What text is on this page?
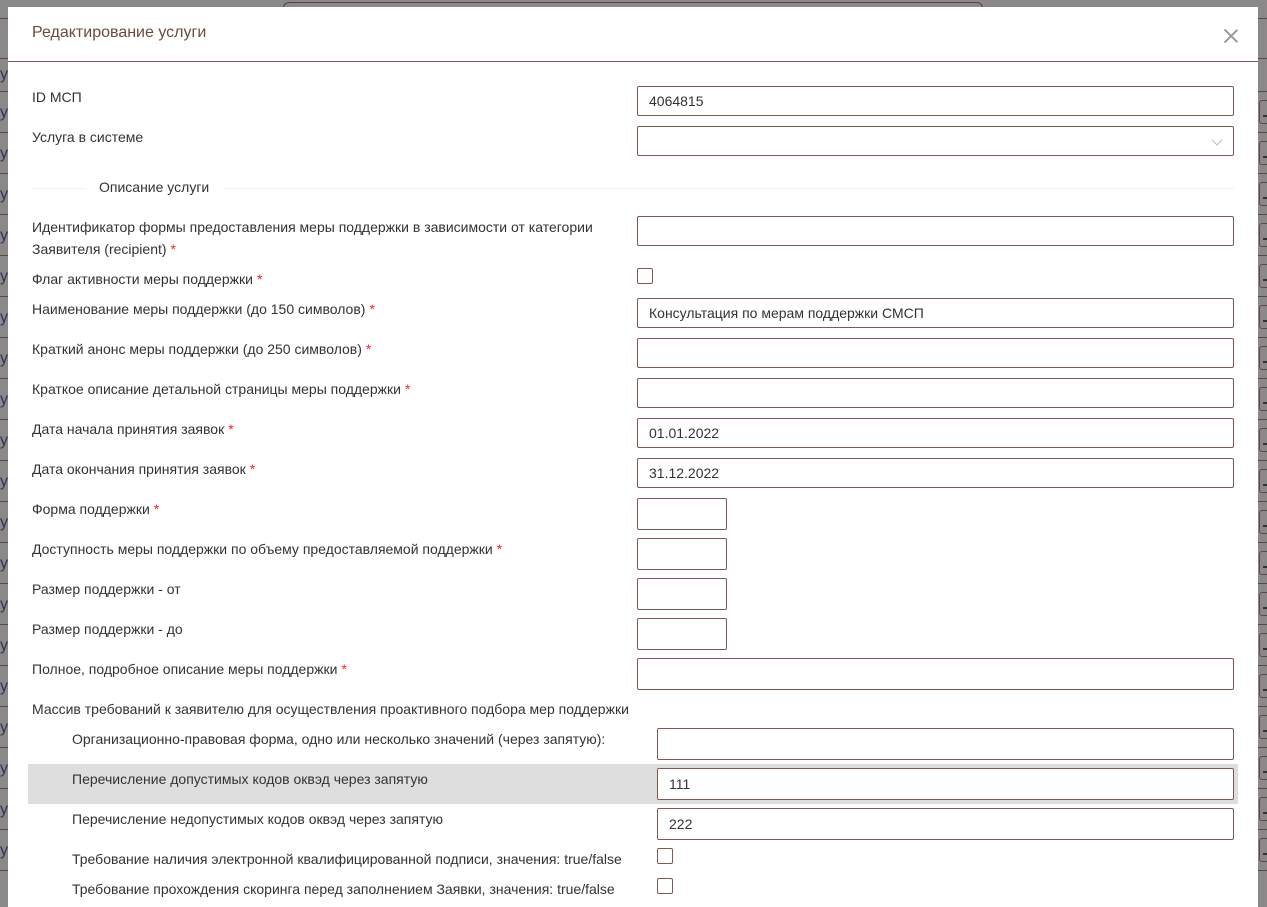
у
у
у
у
у
у
у
у
у
у
у
у
у
у
у
у
у
у
у
у
Редактирование услуги
ID МСП	4064815
Услуга в системе
Описание услуги
Идентификатор формы предоставления меры поддержки в зависимости от категории
Заявителя (recipient) *
Флаг активности меры поддержки *
Наименование меры поддержки (до 150 символов) *	Консультация по мерам поддержки СМСП
Краткий анонс меры поддержки (до 250 символов) *
Краткое описание детальной страницы меры поддержки *
Дата начала принятия заявок *	01.01.2022
Дата окончания принятия заявок *	31.12.2022
Форма поддержки *
Доступность меры поддержки по объему предоставляемой поддержки *
Размер поддержки - от
Размер поддержки - до
Полное, подробное описание меры поддержки *
Массив требований к заявителю для осуществления проактивного подбора мер поддержки
Организационно-правовая форма, одно или несколько значений (через запятую):
Перечисление допустимых кодов оквэд через запятую	111
Перечисление недопустимых кодов оквэд через запятую	222
Требование наличия электронной квалифицированной подписи, значения: true/false
Требование прохождения скоринга перед заполнением Заявки, значения: true/false
